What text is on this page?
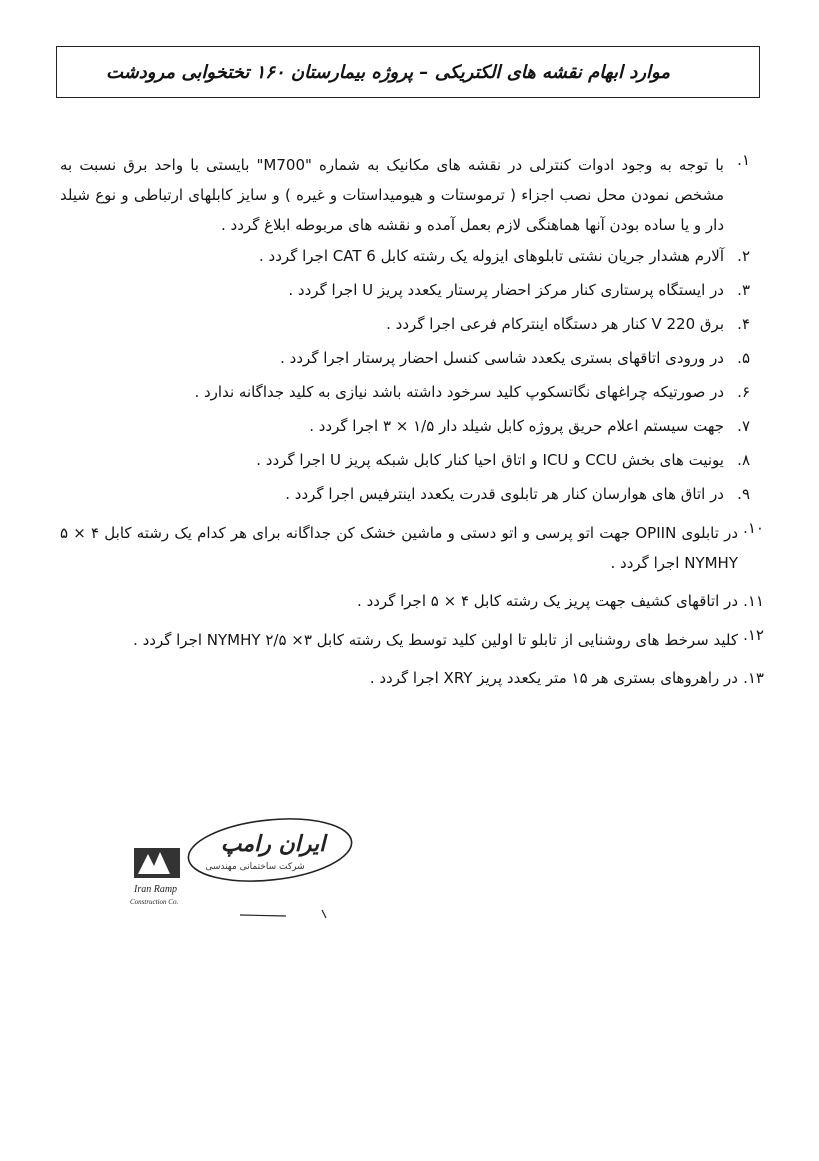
موارد ابهام نقشه های الکتریکی – پروژه بیمارستان ۱۶۰ تختخوابی مرودشت
۱.
با توجه به وجود ادوات کنترلی در نقشه های مکانیک به شماره "M700" بایستی با واحد برق نسبت به مشخص نمودن محل نصب اجزاء ( ترموستات و هیومیداستات و غیره ) و سایز کابلهای ارتباطی و نوع شیلد دار و یا ساده بودن آنها هماهنگی لازم بعمل آمده و نقشه های مربوطه ابلاغ گردد .
۲.
آلارم هشدار جریان نشتی تابلوهای ایزوله یک رشته کابل CAT 6 اجرا گردد .
۳.
در ایستگاه پرستاری کنار مرکز احضار پرستار یکعدد پریز U اجرا گردد .
۴.
برق 220 V کنار هر دستگاه اینترکام فرعی اجرا گردد .
۵.
در ورودی اتاقهای بستری یکعدد شاسی کنسل احضار پرستار اجرا گردد .
۶.
در صورتیکه چراغهای نگاتسکوپ کلید سرخود داشته باشد نیازی به کلید جداگانه ندارد .
۷.
جهت سیستم اعلام حریق پروژه کابل شیلد دار ۱/۵ × ۳ اجرا گردد .
۸.
یونیت های بخش CCU و ICU و اتاق احیا کنار کابل شبکه پریز U اجرا گردد .
۹.
در اتاق های هوارسان کنار هر تابلوی قدرت یکعدد اینترفیس اجرا گردد .
۱۰.
در تابلوی OPIIN جهت اتو پرسی و اتو دستی و ماشین خشک کن جداگانه برای هر کدام یک رشته کابل ۴ × ۵ NYMHY اجرا گردد .
۱۱.
در اتاقهای کشیف جهت پریز یک رشته کابل ۴ × ۵ اجرا گردد .
۱۲.
کلید سرخط های روشنایی از تابلو تا اولین کلید توسط یک رشته کابل NYMHY ۲/۵ ×۳ اجرا گردد .
۱۳.
در راهروهای بستری هر ۱۵ متر یکعدد پریز XRY اجرا گردد .
Iran Ramp
Construction Co.
ایران رامپ
شرکت ساختمانی مهندسی
